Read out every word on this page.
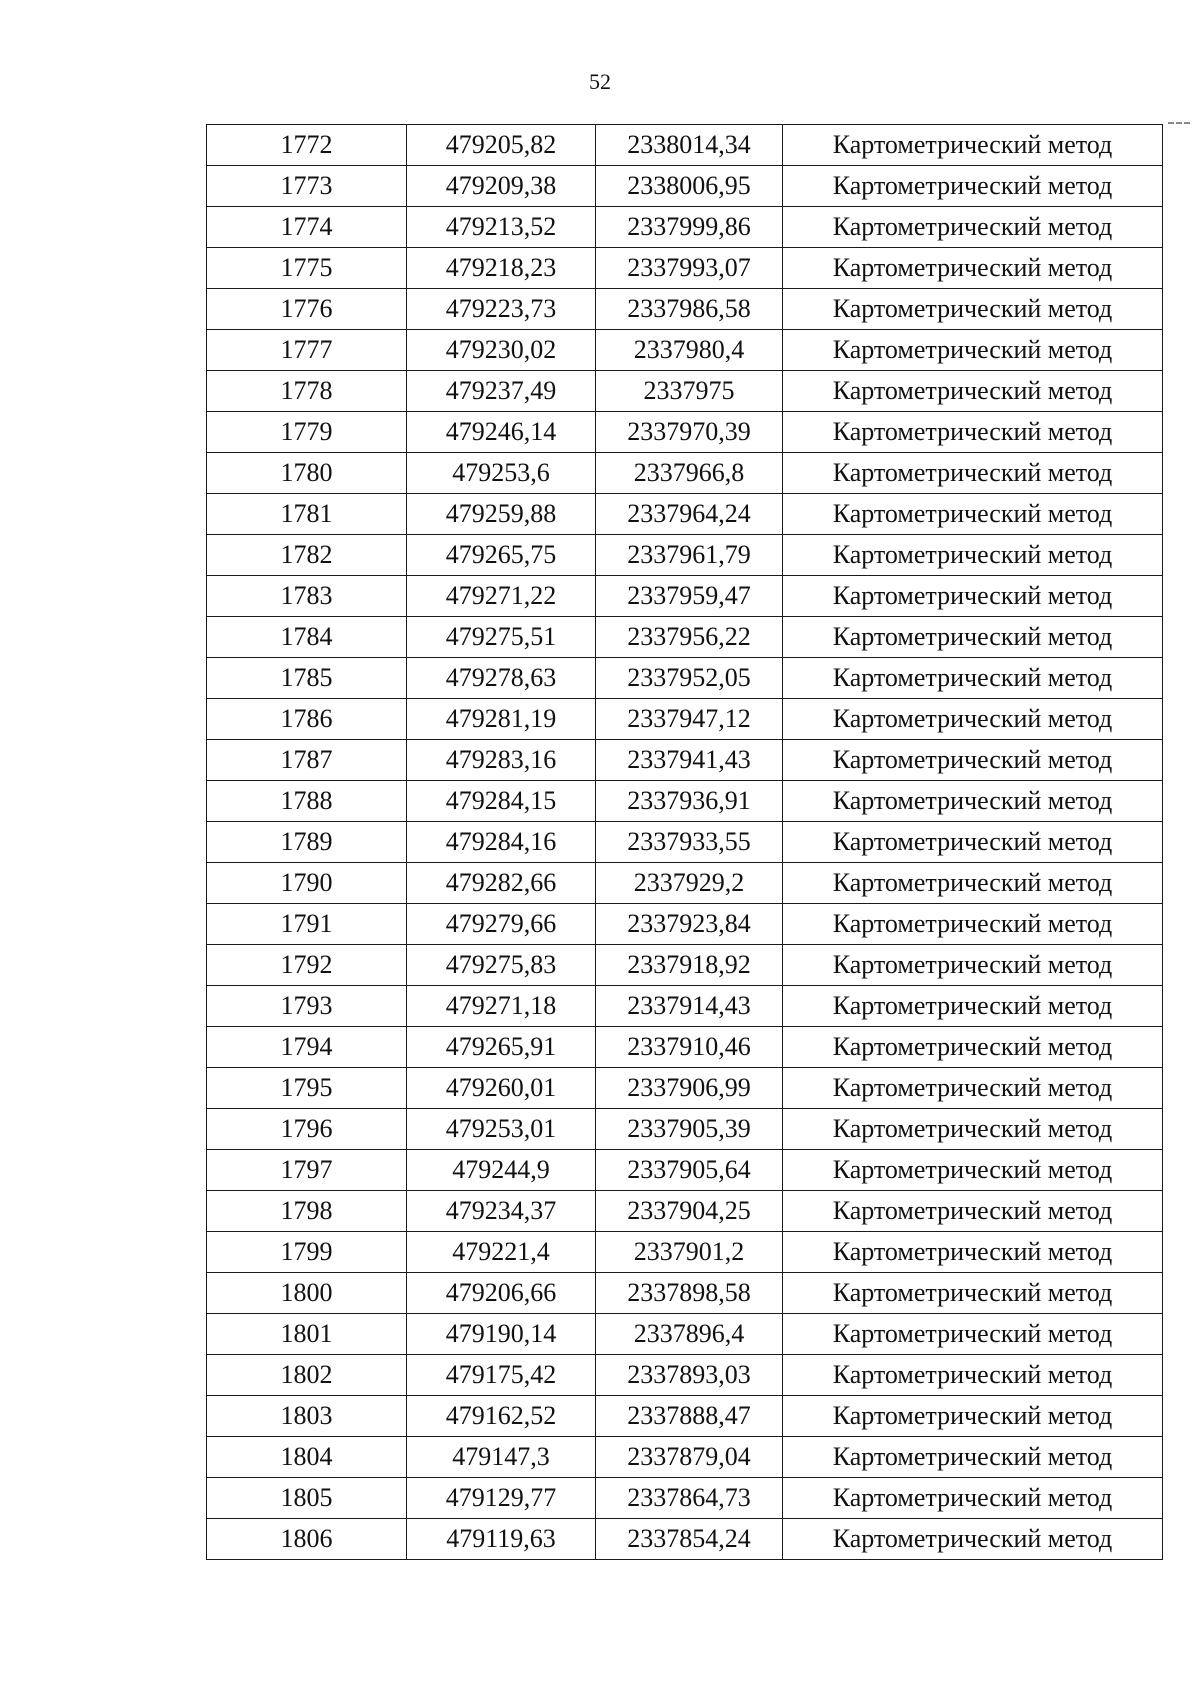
52
1772	479205,82	2338014,34	Картометрический метод
1773	479209,38	2338006,95	Картометрический метод
1774	479213,52	2337999,86	Картометрический метод
1775	479218,23	2337993,07	Картометрический метод
1776	479223,73	2337986,58	Картометрический метод
1777	479230,02	2337980,4	Картометрический метод
1778	479237,49	2337975	Картометрический метод
1779	479246,14	2337970,39	Картометрический метод
1780	479253,6	2337966,8	Картометрический метод
1781	479259,88	2337964,24	Картометрический метод
1782	479265,75	2337961,79	Картометрический метод
1783	479271,22	2337959,47	Картометрический метод
1784	479275,51	2337956,22	Картометрический метод
1785	479278,63	2337952,05	Картометрический метод
1786	479281,19	2337947,12	Картометрический метод
1787	479283,16	2337941,43	Картометрический метод
1788	479284,15	2337936,91	Картометрический метод
1789	479284,16	2337933,55	Картометрический метод
1790	479282,66	2337929,2	Картометрический метод
1791	479279,66	2337923,84	Картометрический метод
1792	479275,83	2337918,92	Картометрический метод
1793	479271,18	2337914,43	Картометрический метод
1794	479265,91	2337910,46	Картометрический метод
1795	479260,01	2337906,99	Картометрический метод
1796	479253,01	2337905,39	Картометрический метод
1797	479244,9	2337905,64	Картометрический метод
1798	479234,37	2337904,25	Картометрический метод
1799	479221,4	2337901,2	Картометрический метод
1800	479206,66	2337898,58	Картометрический метод
1801	479190,14	2337896,4	Картометрический метод
1802	479175,42	2337893,03	Картометрический метод
1803	479162,52	2337888,47	Картометрический метод
1804	479147,3	2337879,04	Картометрический метод
1805	479129,77	2337864,73	Картометрический метод
1806	479119,63	2337854,24	Картометрический метод
